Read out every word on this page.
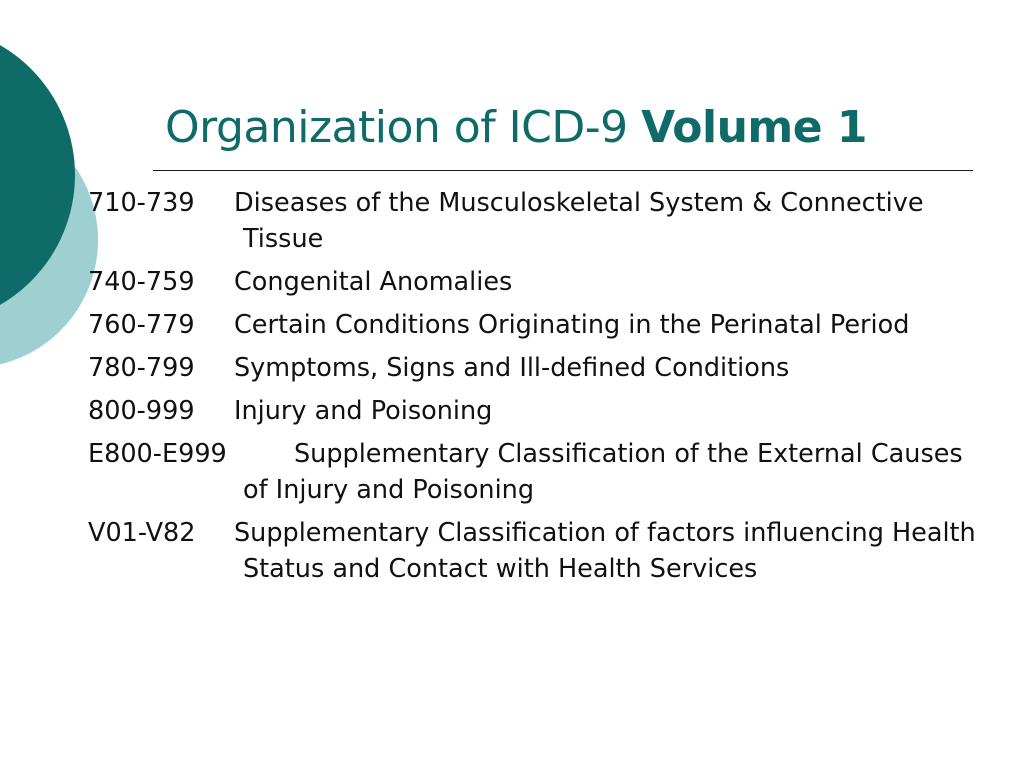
Organization of ICD-9 Volume 1
710-739 Diseases of the Musculoskeletal System & Connective Tissue
740-759 Congenital Anomalies
760-779 Certain Conditions Originating in the Perinatal Period
780-799 Symptoms, Signs and Ill-defined Conditions
800-999 Injury and Poisoning
E800-E999	Supplementary Classification of the External Causes of Injury and Poisoning
V01-V82 Supplementary Classification of factors influencing Health Status and Contact with Health Services
